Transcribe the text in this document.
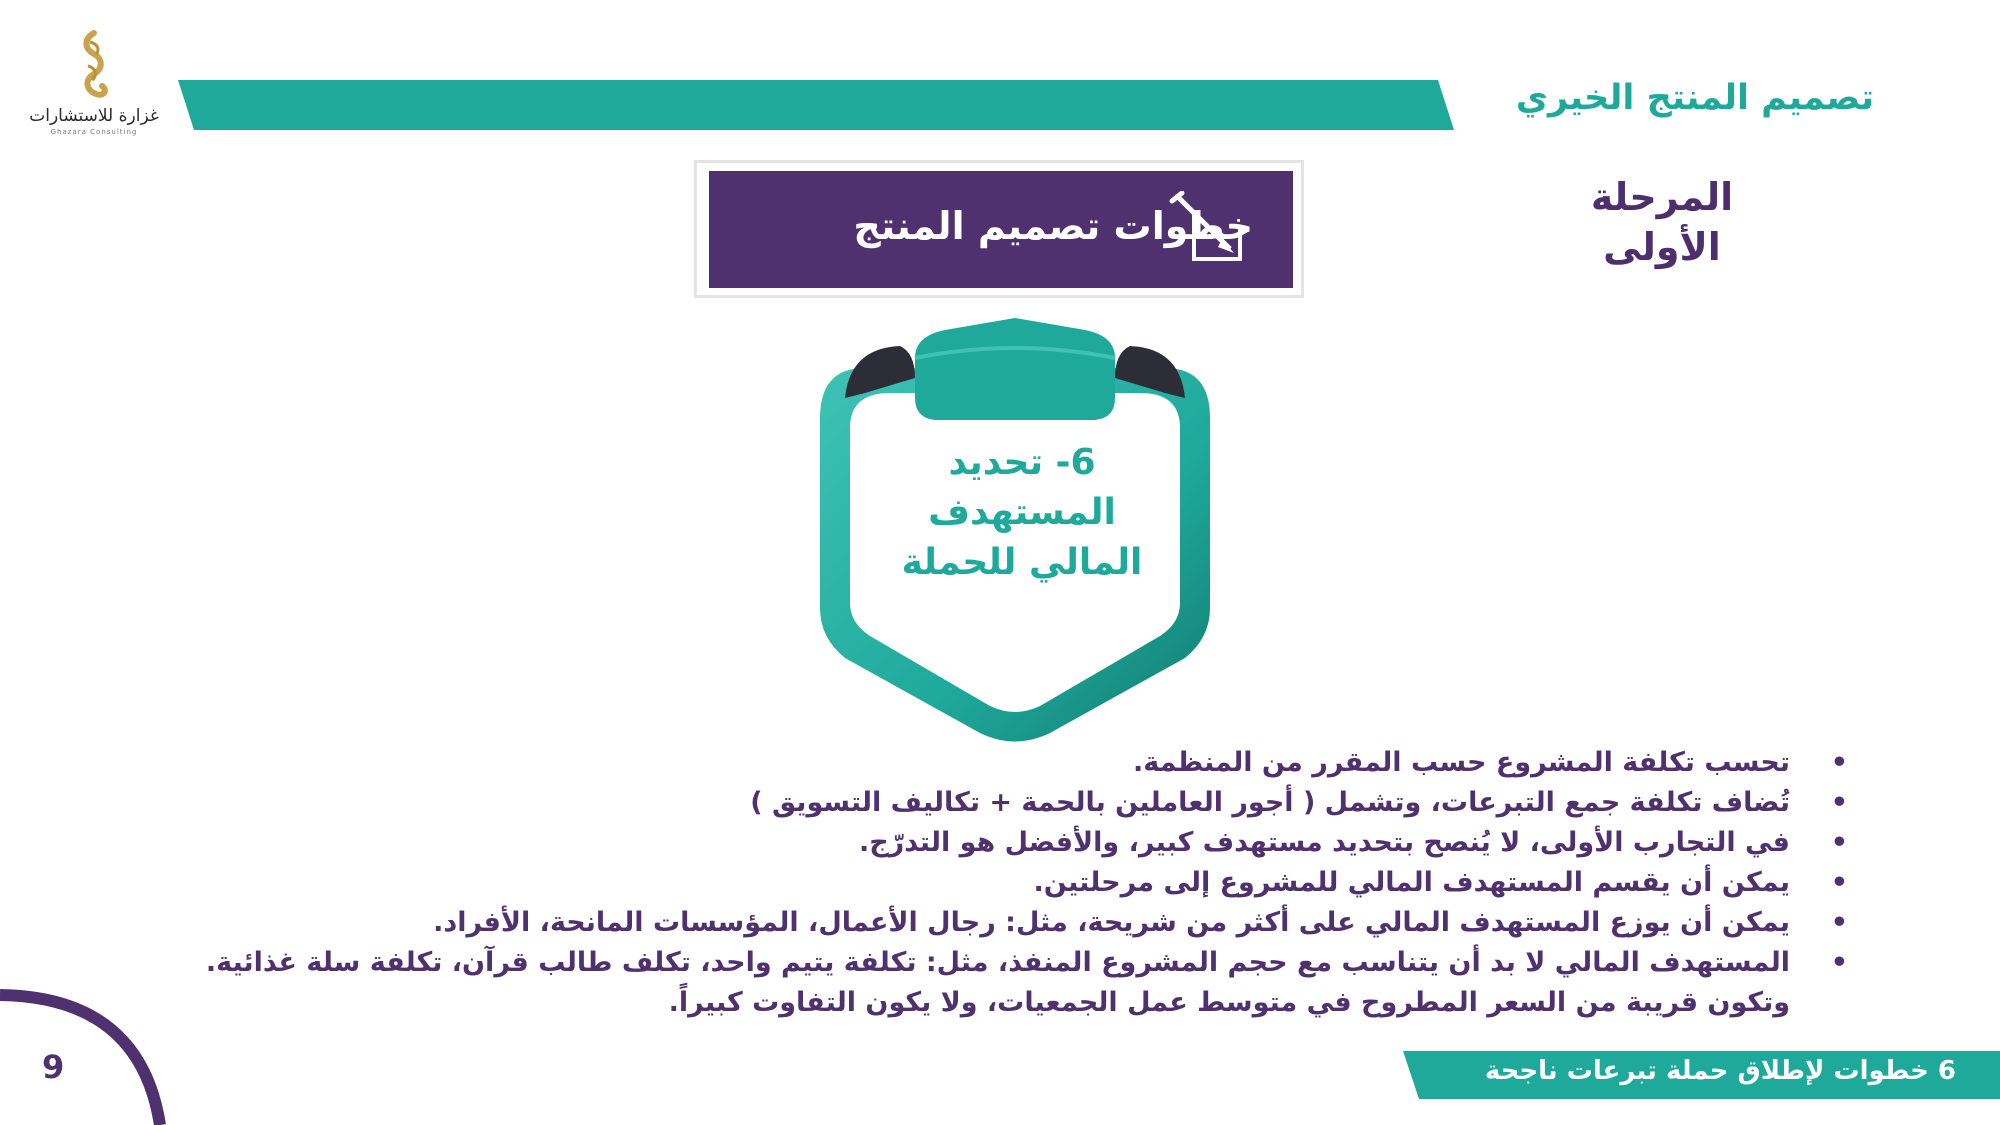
غزارة للاستشارات
Ghazara Consulting
تصميم المنتج الخيري
المرحلة
الأولى
خطوات تصميم المنتج
6- تحديد
المستهدف
المالي للحملة
•
تحسب تكلفة المشروع حسب المقرر من المنظمة.
•
تُضاف تكلفة جمع التبرعات، وتشمل ( أجور العاملين بالحمة + تكاليف التسويق )
•
في التجارب الأولى، لا يُنصح بتحديد مستهدف كبير، والأفضل هو التدرّج.
•
يمكن أن يقسم المستهدف المالي للمشروع إلى مرحلتين.
•
يمكن أن يوزع المستهدف المالي على أكثر من شريحة، مثل: رجال الأعمال، المؤسسات المانحة، الأفراد.
•
المستهدف المالي لا بد أن يتناسب مع حجم المشروع المنفذ، مثل: تكلفة يتيم واحد، تكلف طالب قرآن، تكلفة سلة غذائية.
وتكون قريبة من السعر المطروح في متوسط عمل الجمعيات، ولا يكون التفاوت كبيراً.
6 خطوات لإطلاق حملة تبرعات ناجحة
9
